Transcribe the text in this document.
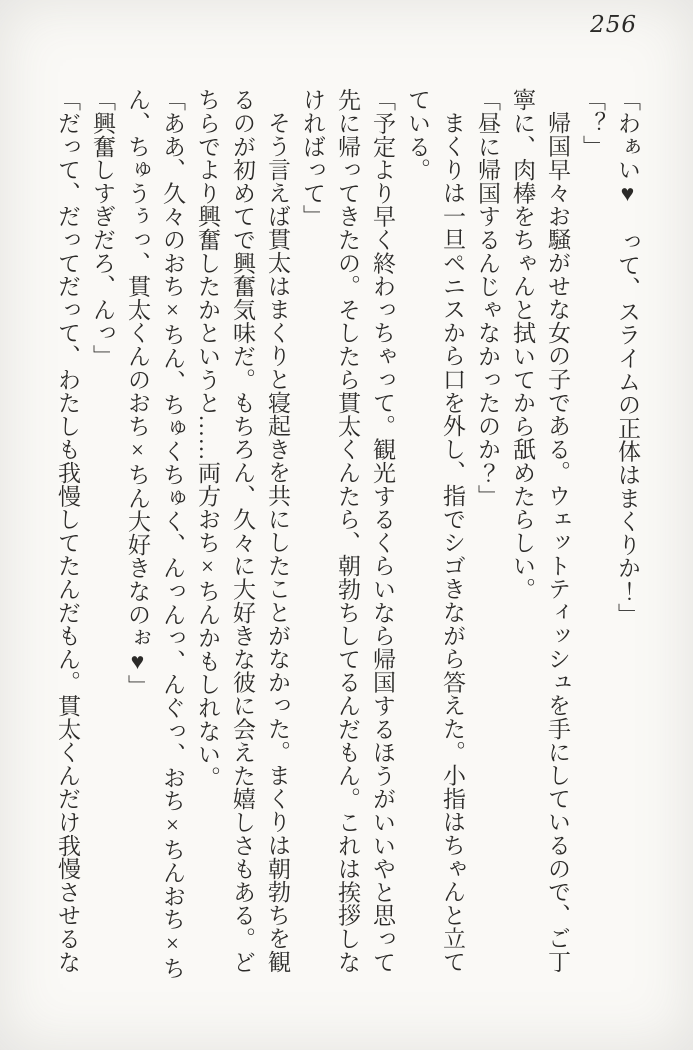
256
「わぁい♥　って、スライムの正体はまくりか！」
「？」
帰国早々お騒がせな女の子である。ウェットティッシュを手にしているので、ご丁
寧に、肉棒をちゃんと拭いてから舐めたらしい。
「昼に帰国するんじゃなかったのか？」
まくりは一旦ペニスから口を外し、指でシゴきながら答えた。小指はちゃんと立て
ている。
「予定より早く終わっちゃって。観光するくらいなら帰国するほうがいいやと思って
先に帰ってきたの。そしたら貫太くんたら、朝勃ちしてるんだもん。これは挨拶しな
ければって」
そう言えば貫太はまくりと寝起きを共にしたことがなかった。まくりは朝勃ちを観
るのが初めてで興奮気味だ。もちろん、久々に大好きな彼に会えた嬉しさもある。ど
ちらでより興奮したかというと……両方おち×ちんかもしれない。
「ああ、久々のおち×ちん、ちゅくちゅく、んっんっ、んぐっ、おち×ちんおち×ち
ん、ちゅうぅっ、貫太くんのおち×ちん大好きなのぉ♥」
「興奮しすぎだろ、んっ」
「だって、だってだって、わたしも我慢してたんだもん。貫太くんだけ我慢させるな
